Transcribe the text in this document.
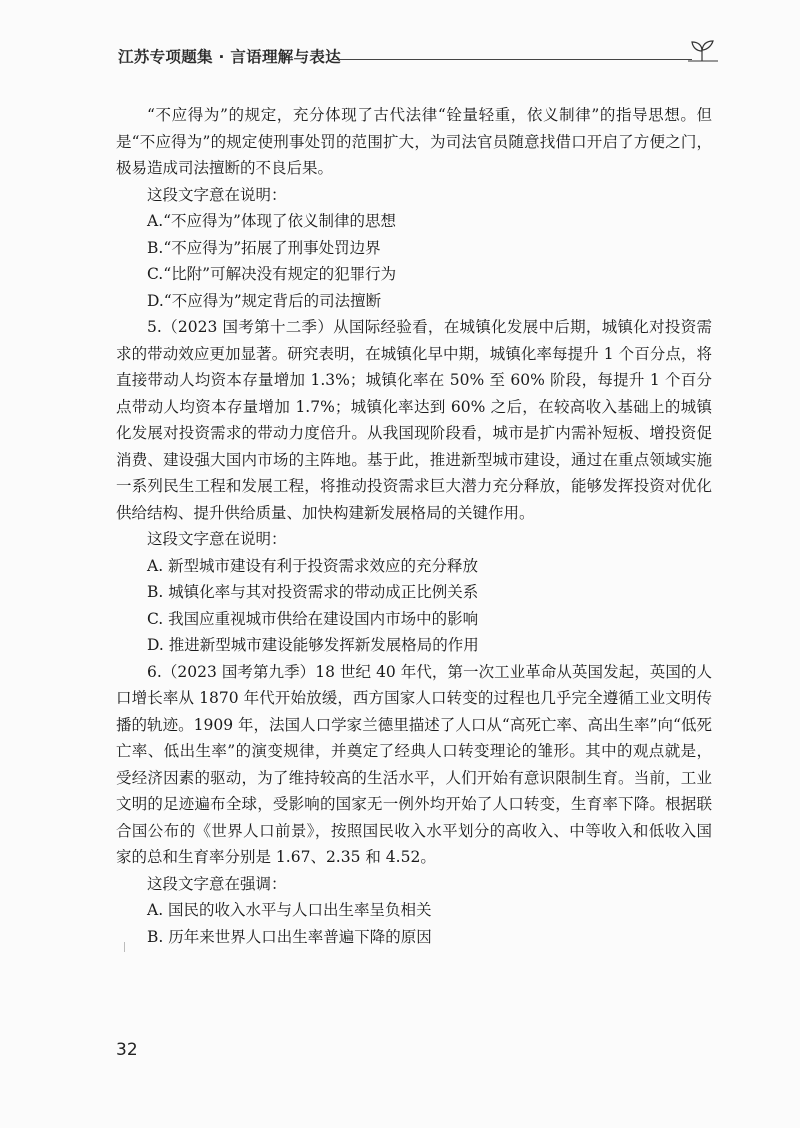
江苏专项题集 · 言语理解与表达

“不应得为”的规定，充分体现了古代法律“铨量轻重，依义制律”的指导思想。但是“不应得为”的规定使刑事处罚的范围扩大，为司法官员随意找借口开启了方便之门，极易造成司法擅断的不良后果。

这段文字意在说明：

A.“不应得为”体现了依义制律的思想

B.“不应得为”拓展了刑事处罚边界

C.“比附”可解决没有规定的犯罪行为

D.“不应得为”规定背后的司法擅断

5.（2023 国考第十二季）从国际经验看，在城镇化发展中后期，城镇化对投资需求的带动效应更加显著。研究表明，在城镇化早中期，城镇化率每提升 1 个百分点，将直接带动人均资本存量增加 1.3%；城镇化率在 50% 至 60% 阶段，每提升 1 个百分点带动人均资本存量增加 1.7%；城镇化率达到 60% 之后，在较高收入基础上的城镇化发展对投资需求的带动力度倍升。从我国现阶段看，城市是扩内需补短板、增投资促消费、建设强大国内市场的主阵地。基于此，推进新型城市建设，通过在重点领域实施一系列民生工程和发展工程，将推动投资需求巨大潜力充分释放，能够发挥投资对优化供给结构、提升供给质量、加快构建新发展格局的关键作用。

这段文字意在说明：

A. 新型城市建设有利于投资需求效应的充分释放

B. 城镇化率与其对投资需求的带动成正比例关系

C. 我国应重视城市供给在建设国内市场中的影响

D. 推进新型城市建设能够发挥新发展格局的作用

6.（2023 国考第九季）18 世纪 40 年代，第一次工业革命从英国发起，英国的人口增长率从 1870 年代开始放缓，西方国家人口转变的过程也几乎完全遵循工业文明传播的轨迹。1909 年，法国人口学家兰德里描述了人口从“高死亡率、高出生率”向“低死亡率、低出生率”的演变规律，并奠定了经典人口转变理论的雏形。其中的观点就是，受经济因素的驱动，为了维持较高的生活水平，人们开始有意识限制生育。当前，工业文明的足迹遍布全球，受影响的国家无一例外均开始了人口转变，生育率下降。根据联合国公布的《世界人口前景》，按照国民收入水平划分的高收入、中等收入和低收入国家的总和生育率分别是 1.67、2.35 和 4.52。

这段文字意在强调：

A. 国民的收入水平与人口出生率呈负相关

B. 历年来世界人口出生率普遍下降的原因

32
